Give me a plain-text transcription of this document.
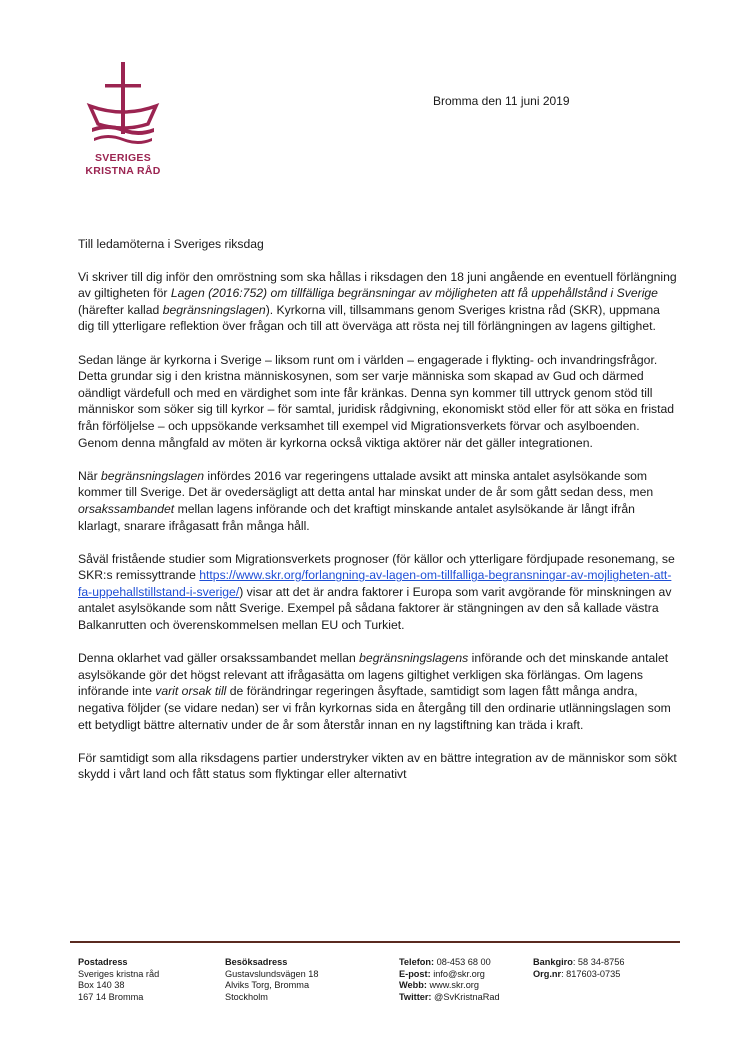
SVERIGES
KRISTNA RÅD
Bromma den 11 juni 2019

Till ledamöterna i Sveriges riksdag

Vi skriver till dig inför den omröstning som ska hållas i riksdagen den 18 juni angående en eventuell förlängning av giltigheten för Lagen (2016:752) om tillfälliga begränsningar av möjligheten att få uppehållstånd i Sverige (härefter kallad begränsningslagen). Kyrkorna vill, tillsammans genom Sveriges kristna råd (SKR), uppmana dig till ytterligare reflektion över frågan och till att överväga att rösta nej till förlängningen av lagens giltighet.

Sedan länge är kyrkorna i Sverige – liksom runt om i världen – engagerade i flykting- och invandringsfrågor. Detta grundar sig i den kristna människosynen, som ser varje människa som skapad av Gud och därmed oändligt värdefull och med en värdighet som inte får kränkas. Denna syn kommer till uttryck genom stöd till människor som söker sig till kyrkor – för samtal, juridisk rådgivning, ekonomiskt stöd eller för att söka en fristad från förföljelse – och uppsökande verksamhet till exempel vid Migrationsverkets förvar och asylboenden. Genom denna mångfald av möten är kyrkorna också viktiga aktörer när det gäller integrationen.

När begränsningslagen infördes 2016 var regeringens uttalade avsikt att minska antalet asylsökande som kommer till Sverige. Det är ovedersägligt att detta antal har minskat under de år som gått sedan dess, men orsakssambandet mellan lagens införande och det kraftigt minskande antalet asylsökande är långt ifrån klarlagt, snarare ifrågasatt från många håll.

Såväl fristående studier som Migrationsverkets prognoser (för källor och ytterligare fördjupade resonemang, se SKR:s remissyttrande https://www.skr.org/forlangning-av-lagen-om-tillfalliga-begransningar-av-mojligheten-att-fa-uppehallstillstand-i-sverige/) visar att det är andra faktorer i Europa som varit avgörande för minskningen av antalet asylsökande som nått Sverige. Exempel på sådana faktorer är stängningen av den så kallade västra Balkanrutten och överenskommelsen mellan EU och Turkiet.

Denna oklarhet vad gäller orsakssambandet mellan begränsningslagens införande och det minskande antalet asylsökande gör det högst relevant att ifrågasätta om lagens giltighet verkligen ska förlängas. Om lagens införande inte varit orsak till de förändringar regeringen åsyftade, samtidigt som lagen fått många andra, negativa följder (se vidare nedan) ser vi från kyrkornas sida en återgång till den ordinarie utlänningslagen som ett betydligt bättre alternativ under de år som återstår innan en ny lagstiftning kan träda i kraft.

För samtidigt som alla riksdagens partier understryker vikten av en bättre integration av de människor som sökt skydd i vårt land och fått status som flyktingar eller alternativt

Postadress
Sveriges kristna råd
Box 140 38
167 14 Bromma
Besöksadress
Gustavslundsvägen 18
Alviks Torg, Bromma
Stockholm
Telefon: 08-453 68 00
E-post: info@skr.org
Webb: www.skr.org
Twitter: @SvKristnaRad
Bankgiro: 58 34-8756
Org.nr: 817603-0735
